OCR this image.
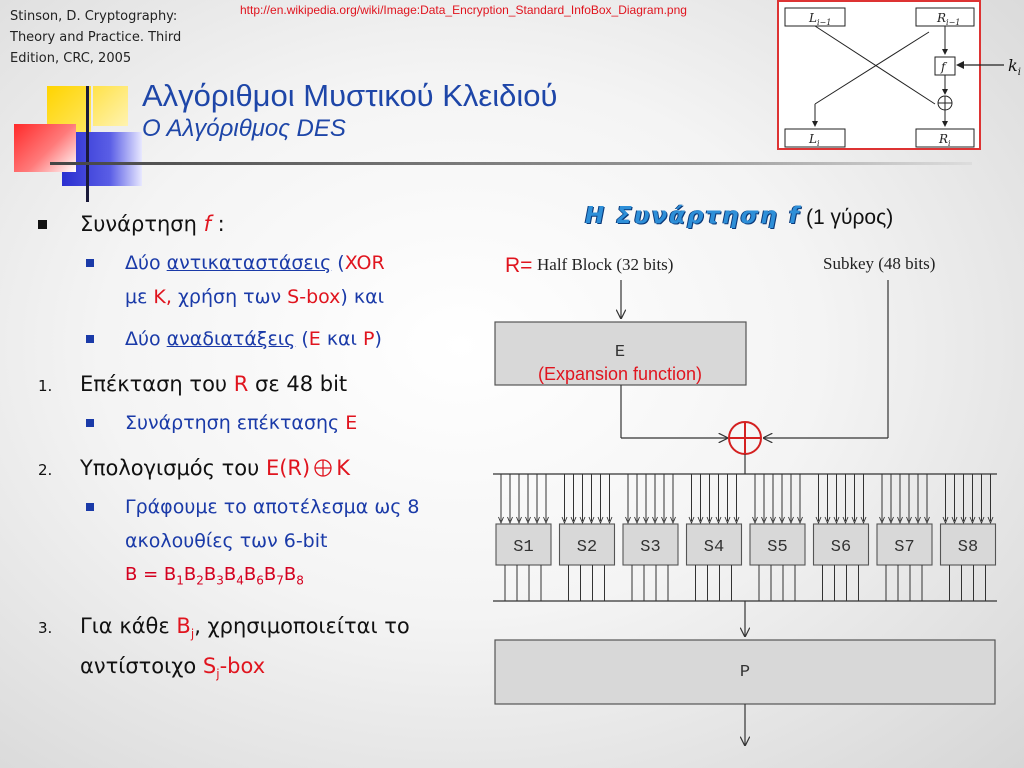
Stinson, D. Cryptography:
Theory and Practice. Third
Edition, CRC, 2005
http://en.wikipedia.org/wiki/Image:Data_Encryption_Standard_InfoBox_Diagram.png
Αλγόριθμοι Μυστικού Κλειδιού
Ο Αλγόριθμος DES
Συνάρτηση f :
Δύο αντικαταστάσεις (XOR
με Κ, χρήση των S-box) και
Δύο αναδιατάξεις (E και P)
1. Επέκταση του R σε 48 bit
Συνάρτηση επέκτασης E
2. Υπολογισμός του E(R) K
Γράφουμε το αποτέλεσμα ως 8 ακολουθίες των 6-bit
$B = B_1B_2B_3B_4B_6B_7B_8$
3. Για κάθε $B_j$, χρησιμοποιείται το αντίστοιχο $S_j$-box
Η Συνάρτηση f (1 γύρος)
R= Half Block (32 bits)	Subkey (48 bits)
E
(Expansion function)
S1	S2	S3	S4	S5	S6	S7	S8
P
$L_{i-1}$	$R_{i-1}$
f
$L_i$	$R_i$
$k_i$
